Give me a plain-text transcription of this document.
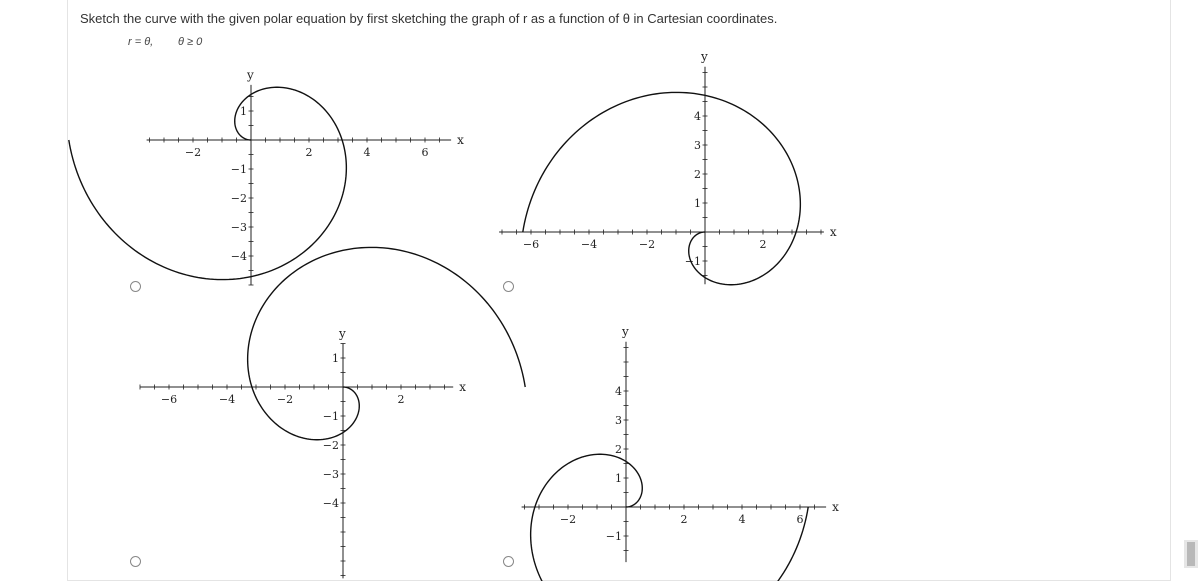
Sketch the curve with the given polar equation by first sketching the graph of r as a function of θ in Cartesian coordinates.
r = θ, θ ≥ 0
−2	2	4	6
1
−1
−2
−3
−4
x
y
−6	−4	−2	2
4
3
2
1
−1
x
y
−6	−4	−2	2
1
−1
−2
−3
−4
x
y
−2	2	4	6
4
3
2
1
−1
x
y
